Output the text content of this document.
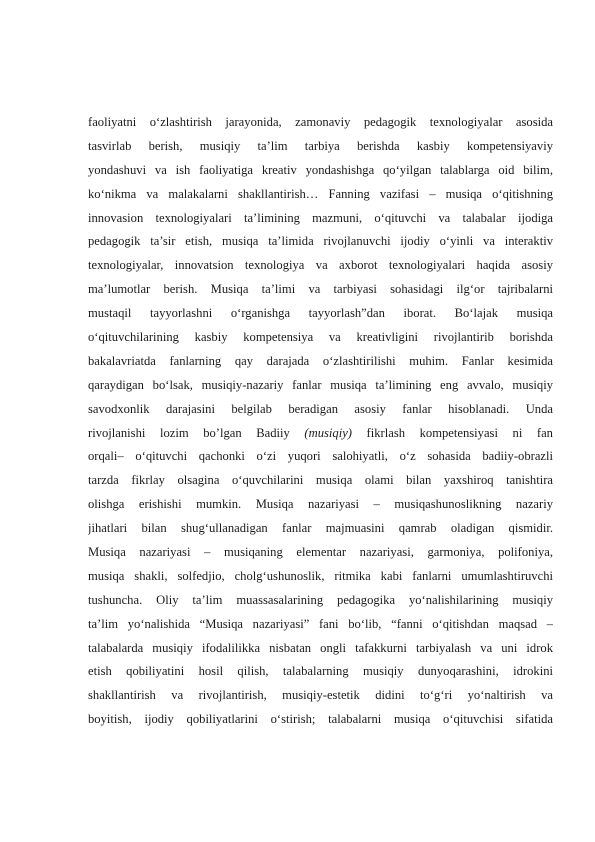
faoliyatni o‘zlashtirish jarayonida, zamonaviy pedagogik texnologiyalar asosida
tasvirlab berish, musiqiy ta’lim tarbiya berishda kasbiy kompetensiyaviy
yondashuvi va ish faoliyatiga kreativ yondashishga qo‘yilgan talablarga oid bilim,
ko‘nikma va malakalarni shakllantirish… Fanning vazifasi – musiqa o‘qitishning
innovasion texnologiyalari ta’limining mazmuni, o‘qituvchi va talabalar ijodiga
pedagogik ta’sir etish, musiqa ta’limida rivojlanuvchi ijodiy o‘yinli va interaktiv
texnologiyalar, innovatsion texnologiya va axborot texnologiyalari haqida asosiy
ma’lumotlar berish. Musiqa ta’limi va tarbiyasi sohasidagi ilg‘or tajribalarni
mustaqil tayyorlashni o‘rganishga tayyorlash”dan iborat. Bo‘lajak musiqa
o‘qituvchilarining kasbiy kompetensiya va kreativligini rivojlantirib borishda
bakalavriatda fanlarning qay darajada o‘zlashtirilishi muhim. Fanlar kesimida
qaraydigan bo‘lsak, musiqiy-nazariy fanlar musiqa ta’limining eng avvalo, musiqiy
savodxonlik darajasini belgilab beradigan asosiy fanlar hisoblanadi. Unda
rivojlanishi lozim bo’lgan Badiiy (musiqiy) fikrlash kompetensiyasi ni fan
orqali– o‘qituvchi qachonki o‘zi yuqori salohiyatli, o‘z sohasida badiiy-obrazli
tarzda fikrlay olsagina o‘quvchilarini musiqa olami bilan yaxshiroq tanishtira
olishga erishishi mumkin. Musiqa nazariyasi – musiqashunoslikning nazariy
jihatlari bilan shug‘ullanadigan fanlar majmuasini qamrab oladigan qismidir.
Musiqa nazariyasi – musiqaning elementar nazariyasi, garmoniya, polifoniya,
musiqa shakli, solfedjio, cholg‘ushunoslik, ritmika kabi fanlarni umumlashtiruvchi
tushuncha. Oliy ta’lim muassasalarining pedagogika yo‘nalishilarining musiqiy
ta’lim yo‘nalishida “Musiqa nazariyasi” fani bo‘lib, “fanni o‘qitishdan maqsad –
talabalarda musiqiy ifodalilikka nisbatan ongli tafakkurni tarbiyalash va uni idrok
etish qobiliyatini hosil qilish, talabalarning musiqiy dunyoqarashini, idrokini
shakllantirish va rivojlantirish, musiqiy-estetik didini to‘g‘ri yo‘naltirish va
boyitish, ijodiy qobiliyatlarini o‘stirish; talabalarni musiqa o‘qituvchisi sifatida
